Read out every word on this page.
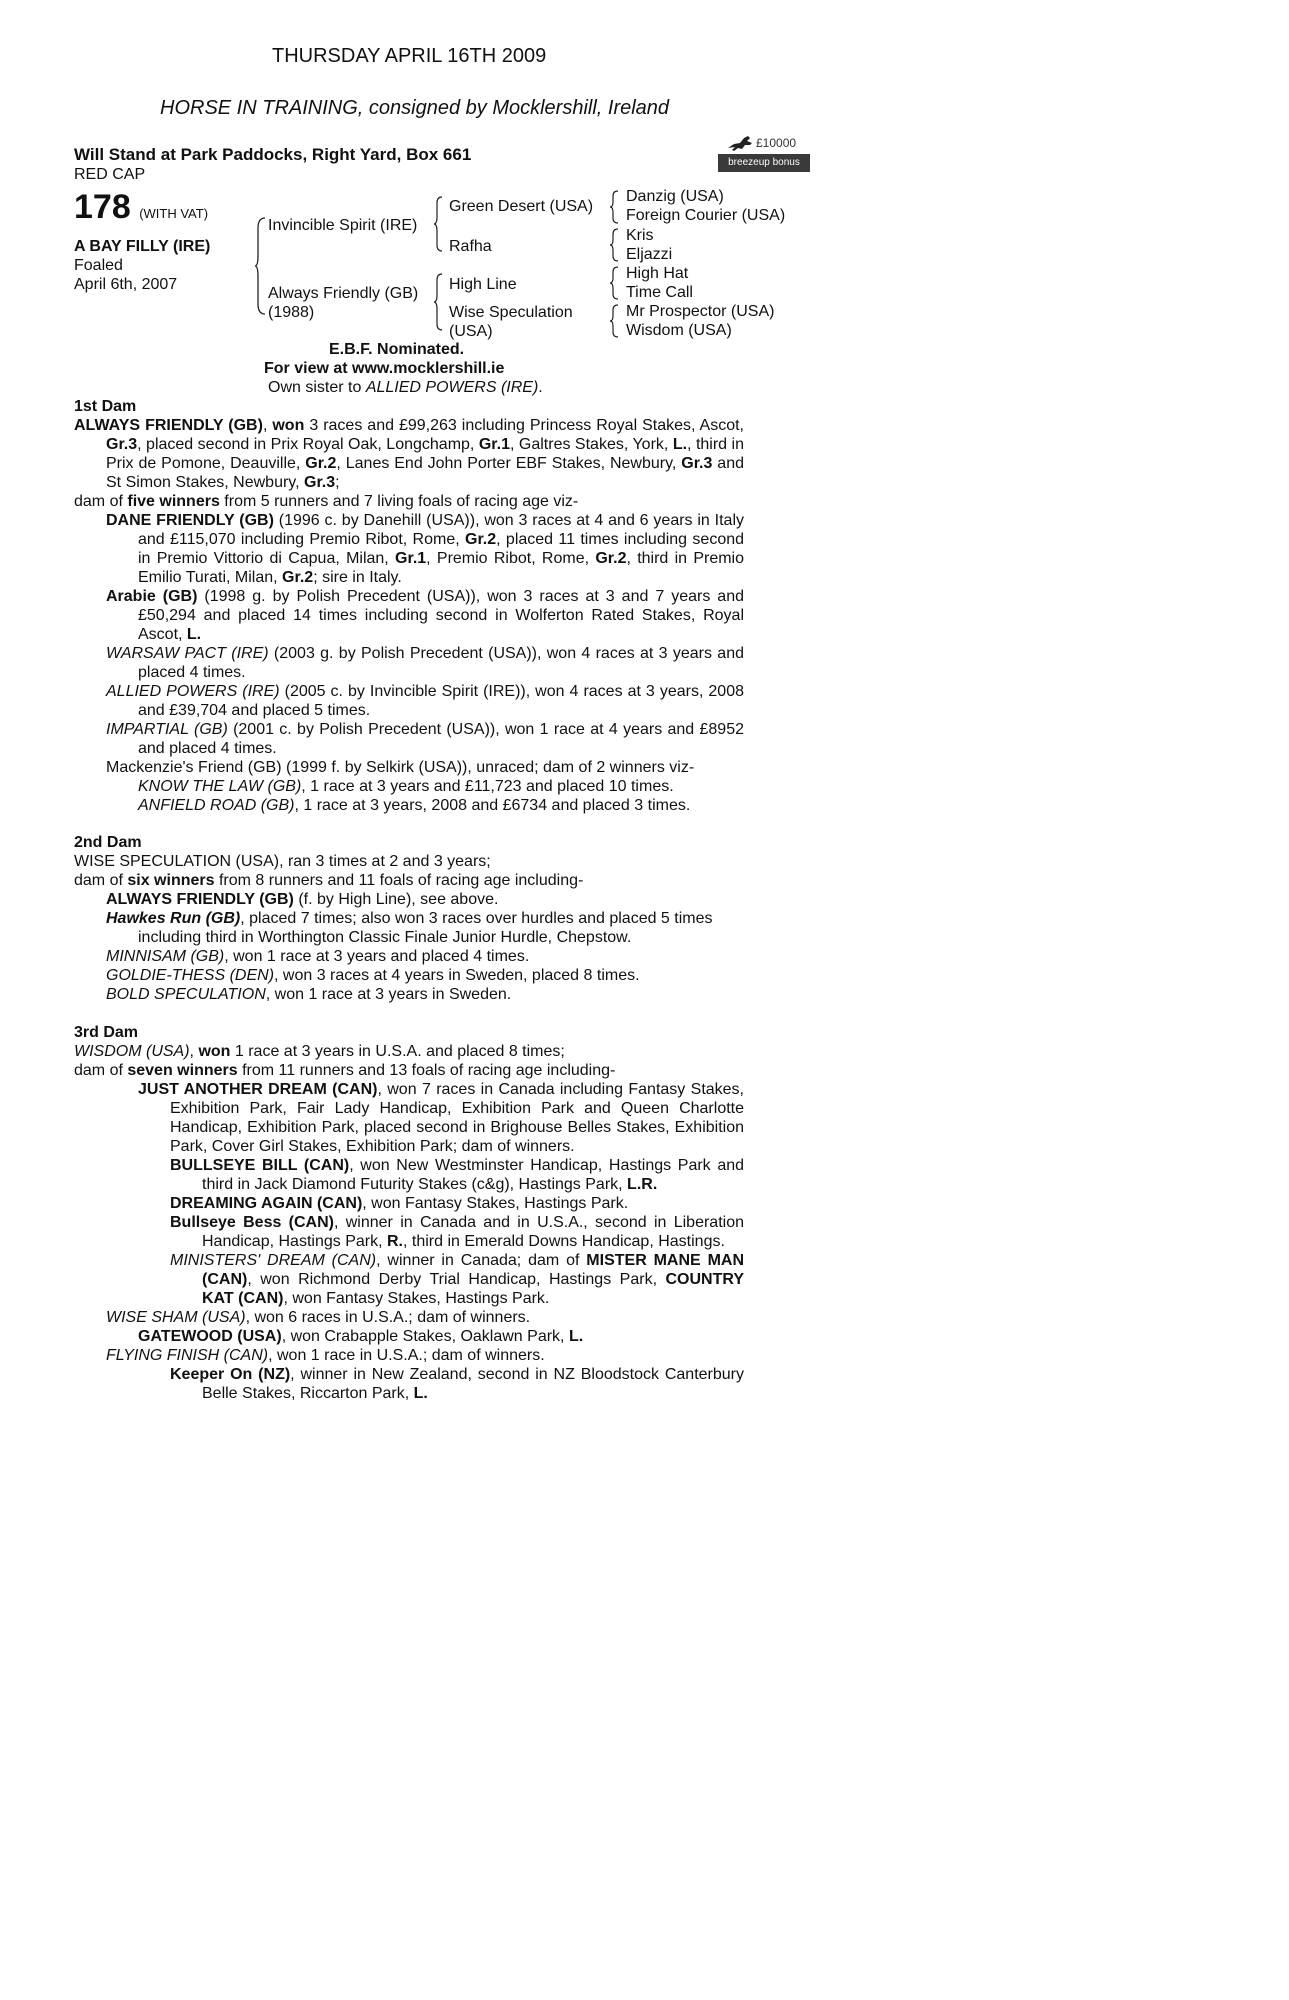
THURSDAY APRIL 16TH 2009
HORSE IN TRAINING, consigned by Mocklershill, Ireland
Will Stand at Park Paddocks, Right Yard, Box 661
RED CAP
£10000
breezeup bonus
178 (WITH VAT)
A BAY FILLY (IRE)
Foaled
April 6th, 2007
Invincible Spirit (IRE)
Always Friendly (GB)
(1988)
Green Desert (USA)
Rafha
High Line
Wise Speculation
(USA)
Danzig (USA)
Foreign Courier (USA)
Kris
Eljazzi
High Hat
Time Call
Mr Prospector (USA)
Wisdom (USA)
E.B.F. Nominated.
For view at www.mocklershill.ie
Own sister to ALLIED POWERS (IRE).

1st Dam

ALWAYS FRIENDLY (GB), won 3 races and £99,263 including Princess Royal Stakes, Ascot, Gr.3, placed second in Prix Royal Oak, Longchamp, Gr.1, Galtres Stakes, York, L., third in Prix de Pomone, Deauville, Gr.2, Lanes End John Porter EBF Stakes, Newbury, Gr.3 and St Simon Stakes, Newbury, Gr.3;

dam of five winners from 5 runners and 7 living foals of racing age viz-

DANE FRIENDLY (GB) (1996 c. by Danehill (USA)), won 3 races at 4 and 6 years in Italy and £115,070 including Premio Ribot, Rome, Gr.2, placed 11 times including second in Premio Vittorio di Capua, Milan, Gr.1, Premio Ribot, Rome, Gr.2, third in Premio Emilio Turati, Milan, Gr.2; sire in Italy.

Arabie (GB) (1998 g. by Polish Precedent (USA)), won 3 races at 3 and 7 years and £50,294 and placed 14 times including second in Wolferton Rated Stakes, Royal Ascot, L.

WARSAW PACT (IRE) (2003 g. by Polish Precedent (USA)), won 4 races at 3 years and placed 4 times.

ALLIED POWERS (IRE) (2005 c. by Invincible Spirit (IRE)), won 4 races at 3 years, 2008 and £39,704 and placed 5 times.

IMPARTIAL (GB) (2001 c. by Polish Precedent (USA)), won 1 race at 4 years and £8952 and placed 4 times.

Mackenzie's Friend (GB) (1999 f. by Selkirk (USA)), unraced; dam of 2 winners viz-

KNOW THE LAW (GB), 1 race at 3 years and £11,723 and placed 10 times.

ANFIELD ROAD (GB), 1 race at 3 years, 2008 and £6734 and placed 3 times.

2nd Dam

WISE SPECULATION (USA), ran 3 times at 2 and 3 years;

dam of six winners from 8 runners and 11 foals of racing age including-

ALWAYS FRIENDLY (GB) (f. by High Line), see above.

Hawkes Run (GB), placed 7 times; also won 3 races over hurdles and placed 5 times including third in Worthington Classic Finale Junior Hurdle, Chepstow.

MINNISAM (GB), won 1 race at 3 years and placed 4 times.

GOLDIE-THESS (DEN), won 3 races at 4 years in Sweden, placed 8 times.

BOLD SPECULATION, won 1 race at 3 years in Sweden.

3rd Dam

WISDOM (USA), won 1 race at 3 years in U.S.A. and placed 8 times;

dam of seven winners from 11 runners and 13 foals of racing age including-

JUST ANOTHER DREAM (CAN), won 7 races in Canada including Fantasy Stakes, Exhibition Park, Fair Lady Handicap, Exhibition Park and Queen Charlotte Handicap, Exhibition Park, placed second in Brighouse Belles Stakes, Exhibition Park, Cover Girl Stakes, Exhibition Park; dam of winners.

BULLSEYE BILL (CAN), won New Westminster Handicap, Hastings Park and third in Jack Diamond Futurity Stakes (c&g), Hastings Park, L.R.

DREAMING AGAIN (CAN), won Fantasy Stakes, Hastings Park.

Bullseye Bess (CAN), winner in Canada and in U.S.A., second in Liberation Handicap, Hastings Park, R., third in Emerald Downs Handicap, Hastings.

MINISTERS' DREAM (CAN), winner in Canada; dam of MISTER MANE MAN (CAN), won Richmond Derby Trial Handicap, Hastings Park, COUNTRY KAT (CAN), won Fantasy Stakes, Hastings Park.

WISE SHAM (USA), won 6 races in U.S.A.; dam of winners.

GATEWOOD (USA), won Crabapple Stakes, Oaklawn Park, L.

FLYING FINISH (CAN), won 1 race in U.S.A.; dam of winners.

Keeper On (NZ), winner in New Zealand, second in NZ Bloodstock Canterbury Belle Stakes, Riccarton Park, L.
